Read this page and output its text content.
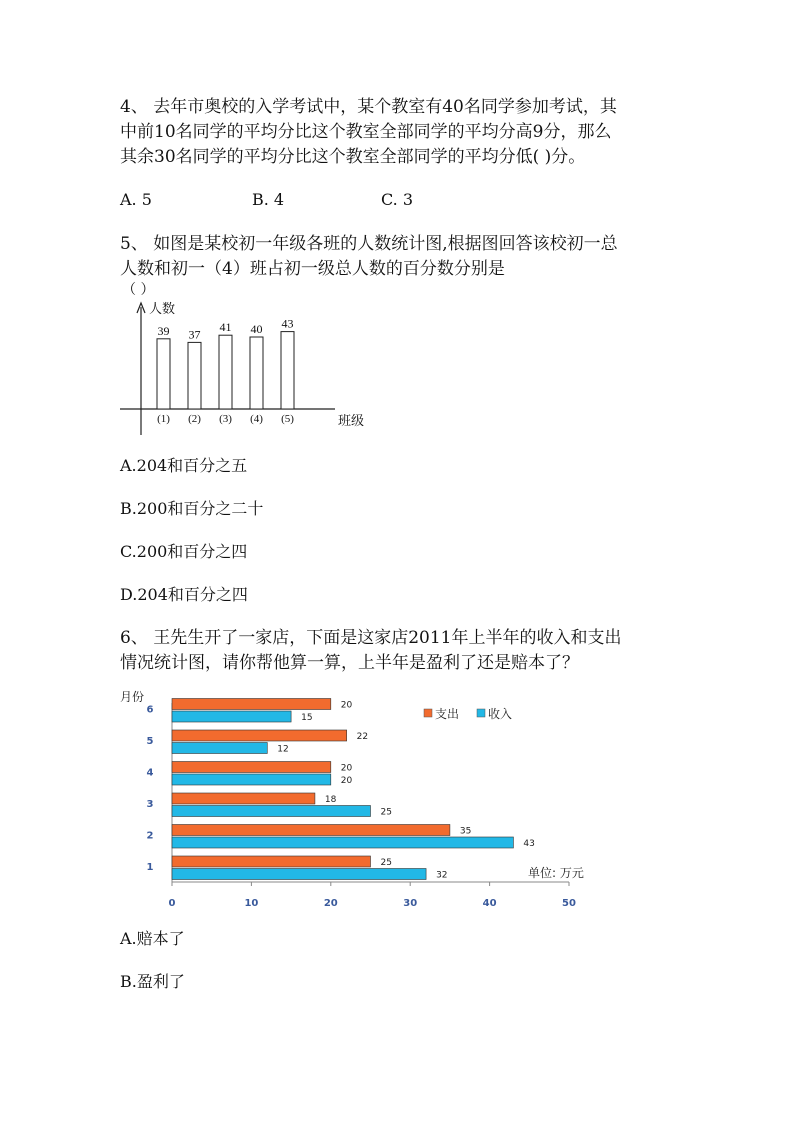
4、 去年市奥校的入学考试中，某个教室有40名同学参加考试，其
中前10名同学的平均分比这个教室全部同学的平均分高9分，那么
其余30名同学的平均分比这个教室全部同学的平均分低( )分。
A. 5	B. 4	C. 3
5、 如图是某校初一年级各班的人数统计图,根据图回答该校初一总
人数和初一（4）班占初一级总人数的百分数分别是
（ ）
人数
班级
39
(1)
37
(2)
41
(3)
40
(4)
43
(5)
A.204和百分之五
B.200和百分之二十
C.200和百分之四
D.204和百分之四
6、 王先生开了一家店，下面是这家店2011年上半年的收入和支出
情况统计图，请你帮他算一算，上半年是盈利了还是赔本了？
0	10	20	30	40	50
月份
单位: 万元
支出 收入
1
2
3
4
5
6
25
32
35
43
18
25
20
20
22
12
20
15
A.赔本了
B.盈利了
